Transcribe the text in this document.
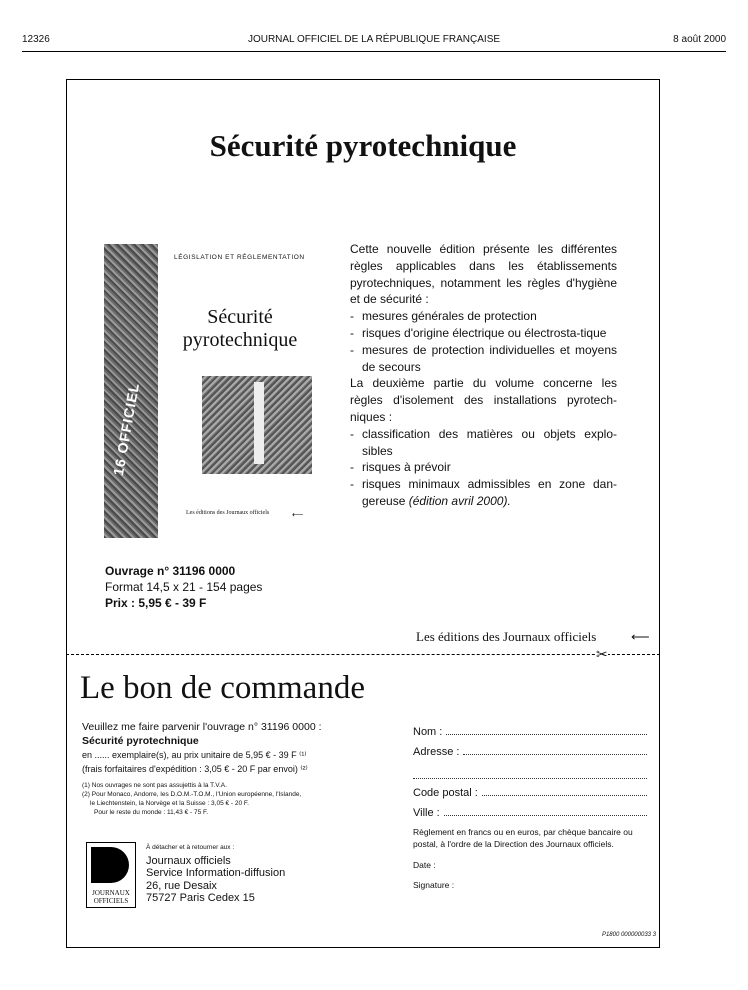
12326	JOURNAL OFFICIEL DE LA RÉPUBLIQUE FRANÇAISE	8 août 2000
Sécurité pyrotechnique
16 OFFICIEL
LÉGISLATION ET RÉGLEMENTATION
Sécurité
pyrotechnique
Les éditions des Journaux officiels	⟵

Cette nouvelle édition présente les différentes règles applicables dans les établissements pyrotechniques, notamment les règles d'hygiène et de sécurité :

- mesures générales de protection
- risques d'origine électrique ou électrosta-tique
- mesures de protection individuelles et moyens de secours

La deuxième partie du volume concerne les règles d'isolement des installations pyrotech-niques :

- classification des matières ou objets explo-sibles
- risques à prévoir
- risques minimaux admissibles en zone dan-gereuse (édition avril 2000).
Ouvrage n° 31196 0000
Format 14,5 x 21 - 154 pages
Prix : 5,95 € - 39 F
Les éditions des Journaux officiels	⟵
✂
Le bon de commande
Veuillez me faire parvenir l'ouvrage n° 31196 0000 :
Sécurité pyrotechnique
en ...... exemplaire(s), au prix unitaire de 5,95 € - 39 F ⁽¹⁾
(frais forfaitaires d'expédition : 3,05 € - 20 F par envoi) ⁽²⁾
(1) Nos ouvrages ne sont pas assujettis à la T.V.A.
(2) Pour Monaco, Andorre, les D.O.M.-T.O.M., l'Union européenne, l'Islande,
le Liechtenstein, la Norvège et la Suisse : 3,05 € - 20 F.
Pour le reste du monde : 11,43 € - 75 F.
JOURNAUX
OFFICIELS
À détacher et à retourner aux :
Journaux officiels
Service Information-diffusion
26, rue Desaix
75727 Paris Cedex 15
Nom :
Adresse :
Code postal :
Ville :
Règlement en francs ou en euros, par chèque bancaire ou postal, à l'ordre de la Direction des Journaux officiels.
Date :
Signature :
P1800 000000033 3
